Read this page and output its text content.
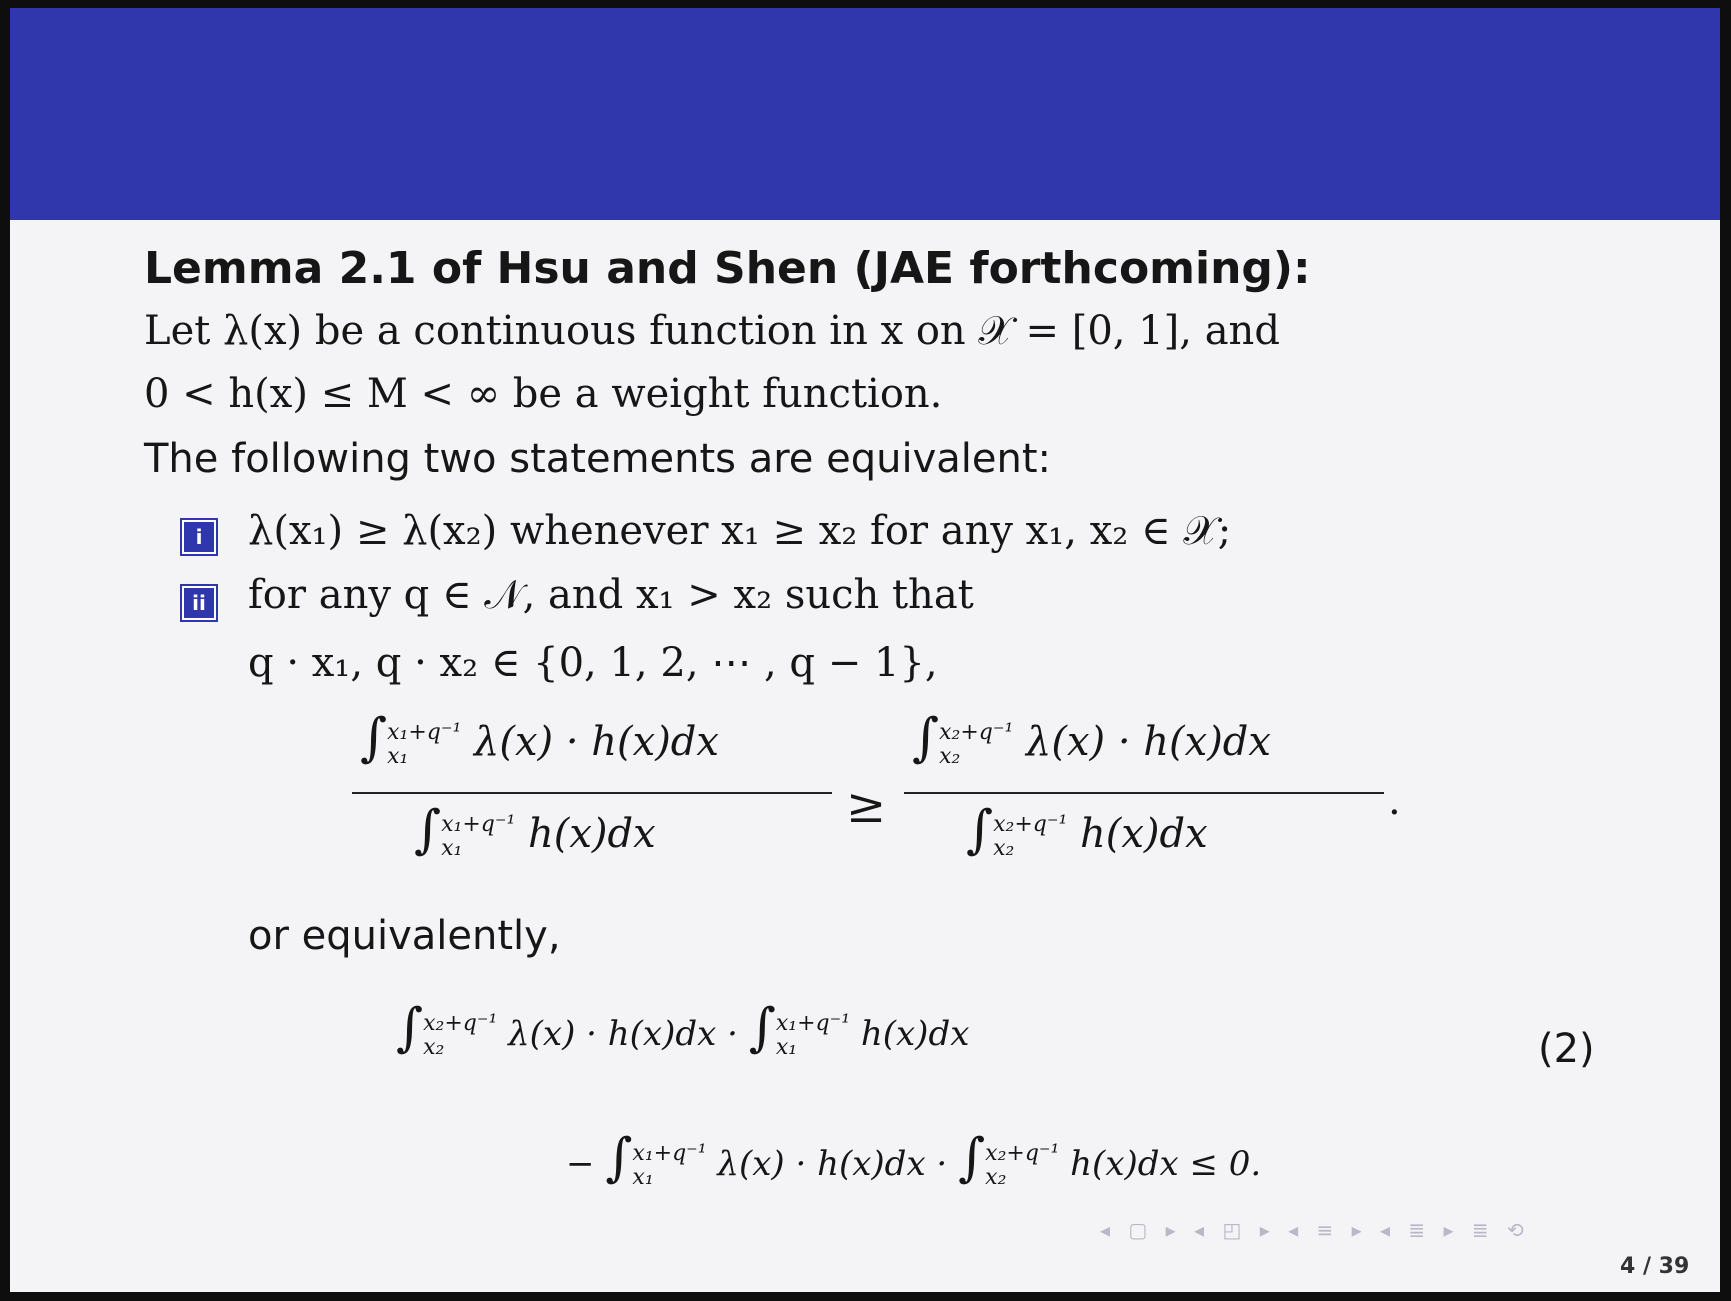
Lemma 2.1 of Hsu and Shen (JAE forthcoming):
Let λ(x) be a continuous function in x on 𝒳 = [0, 1], and
0 < h(x) ≤ M < ∞ be a weight function.
The following two statements are equivalent:
i	λ(x₁) ≥ λ(x₂) whenever x₁ ≥ x₂ for any x₁, x₂ ∈ 𝒳;
ii for any q ∈ 𝒩, and x₁ > x₂ such that
q · x₁, q · x₂ ∈ {0, 1, 2, ⋯ , q − 1},
∫x₁+q⁻¹
x₁ λ(x) · h(x)dx
∫x₁+q⁻¹
x₁ h(x)dx	≥
∫x₂+q⁻¹
x₂ λ(x) · h(x)dx
∫x₂+q⁻¹
x₂ h(x)dx
.
or equivalently,
∫x₂+q⁻¹
x₂ λ(x) · h(x)dx · ∫x₁+q⁻¹
x₁ h(x)dx	(2)
− ∫x₁+q⁻¹
x₁ λ(x) · h(x)dx · ∫x₂+q⁻¹
x₂ h(x)dx ≤ 0.
◂ ▢ ▸ ◂ ◰ ▸ ◂ ≡ ▸ ◂ ≣ ▸ ≣ ⟲
4 / 39
